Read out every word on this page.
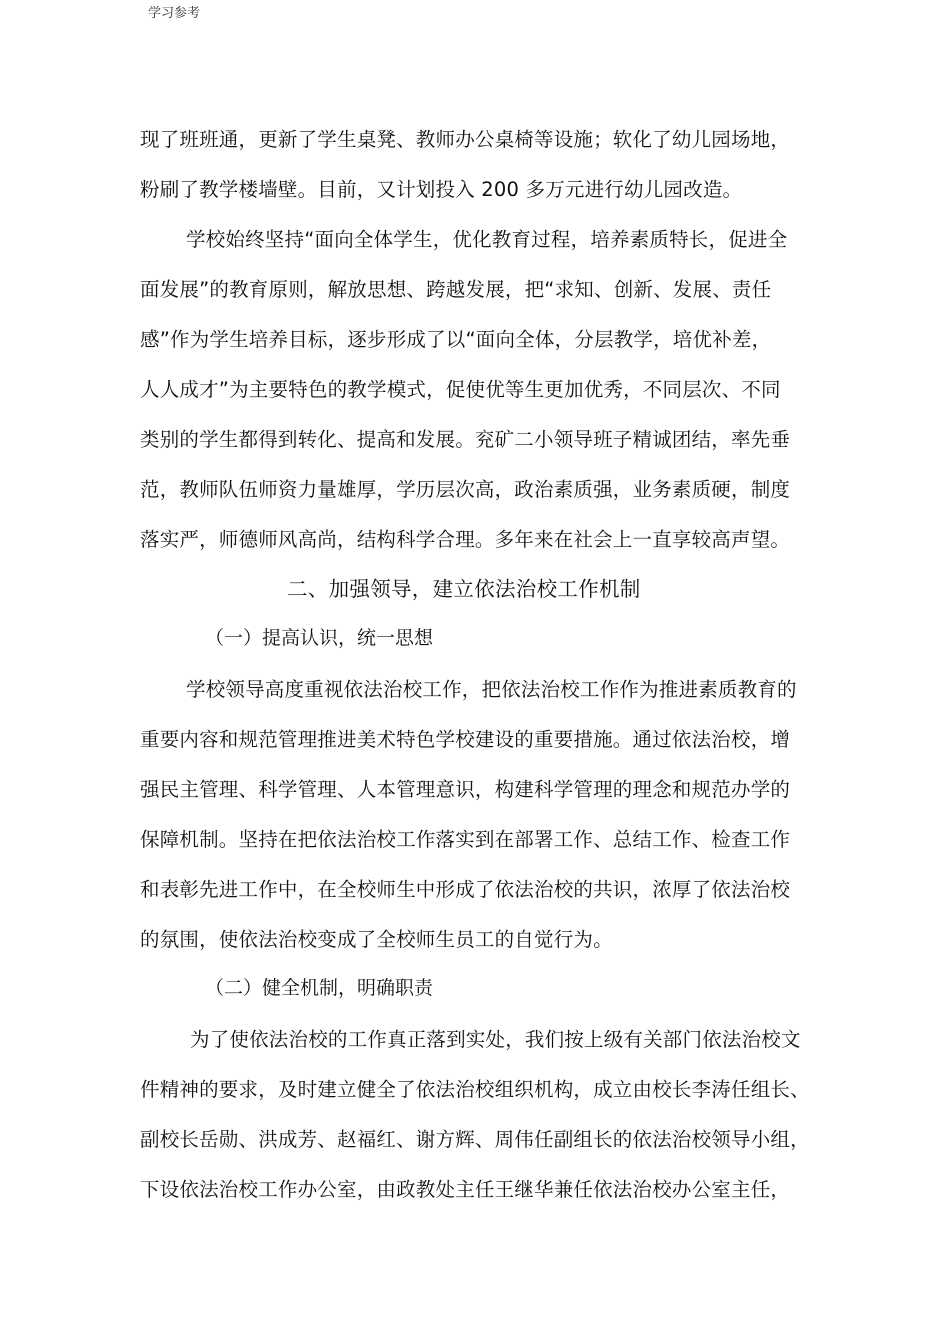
学习参考
现了班班通，更新了学生桌凳、教师办公桌椅等设施；软化了幼儿园场地，
粉刷了教学楼墙壁。目前，又计划投入 200 多万元进行幼儿园改造。
学校始终坚持“面向全体学生，优化教育过程，培养素质特长，促进全
面发展”的教育原则，解放思想、跨越发展，把“求知、创新、发展、责任
感”作为学生培养目标，逐步形成了以“面向全体，分层教学，培优补差，
人人成才”为主要特色的教学模式，促使优等生更加优秀，不同层次、不同
类别的学生都得到转化、提高和发展。兖矿二小领导班子精诚团结，率先垂
范，教师队伍师资力量雄厚，学历层次高，政治素质强，业务素质硬，制度
落实严，师德师风高尚，结构科学合理。多年来在社会上一直享较高声望。
二、加强领导，建立依法治校工作机制
（一）提高认识，统一思想
学校领导高度重视依法治校工作，把依法治校工作作为推进素质教育的
重要内容和规范管理推进美术特色学校建设的重要措施。通过依法治校，增
强民主管理、科学管理、人本管理意识，构建科学管理的理念和规范办学的
保障机制。坚持在把依法治校工作落实到在部署工作、总结工作、检查工作
和表彰先进工作中，在全校师生中形成了依法治校的共识，浓厚了依法治校
的氛围，使依法治校变成了全校师生员工的自觉行为。
（二）健全机制，明确职责
为了使依法治校的工作真正落到实处，我们按上级有关部门依法治校文
件精神的要求，及时建立健全了依法治校组织机构，成立由校长李涛任组长、
副校长岳勋、洪成芳、赵福红、谢方辉、周伟任副组长的依法治校领导小组，
下设依法治校工作办公室，由政教处主任王继华兼任依法治校办公室主任，
